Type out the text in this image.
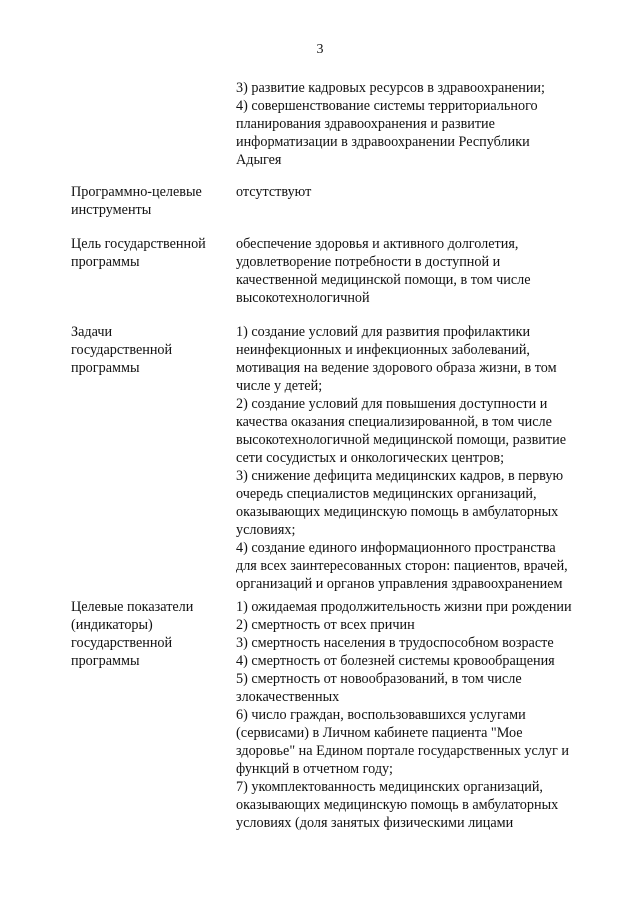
3
3) развитие кадровых ресурсов в здравоохранении;
4) совершенствование системы территориального
планирования здравоохранения и развитие
информатизации в здравоохранении Республики
Адыгея
Программно-целевые
инструменты
отсутствуют
Цель государственной
программы
обеспечение здоровья и активного долголетия,
удовлетворение потребности в доступной и
качественной медицинской помощи, в том числе
высокотехнологичной
Задачи
государственной
программы
1) создание условий для развития профилактики
неинфекционных и инфекционных заболеваний,
мотивация на ведение здорового образа жизни, в том
числе у детей;
2) создание условий для повышения доступности и
качества оказания специализированной, в том числе
высокотехнологичной медицинской помощи, развитие
сети сосудистых и онкологических центров;
3) снижение дефицита медицинских кадров, в первую
очередь специалистов медицинских организаций,
оказывающих медицинскую помощь в амбулаторных
условиях;
4) создание единого информационного пространства
для всех заинтересованных сторон: пациентов, врачей,
организаций и органов управления здравоохранением
Целевые показатели
(индикаторы)
государственной
программы
1) ожидаемая продолжительность жизни при рождении
2) смертность от всех причин
3) смертность населения в трудоспособном возрасте
4) смертность от болезней системы кровообращения
5) смертность от новообразований, в том числе
злокачественных
6) число граждан, воспользовавшихся услугами
(сервисами) в Личном кабинете пациента "Мое
здоровье" на Едином портале государственных услуг и
функций в отчетном году;
7) укомплектованность медицинских организаций,
оказывающих медицинскую помощь в амбулаторных
условиях (доля занятых физическими лицами
